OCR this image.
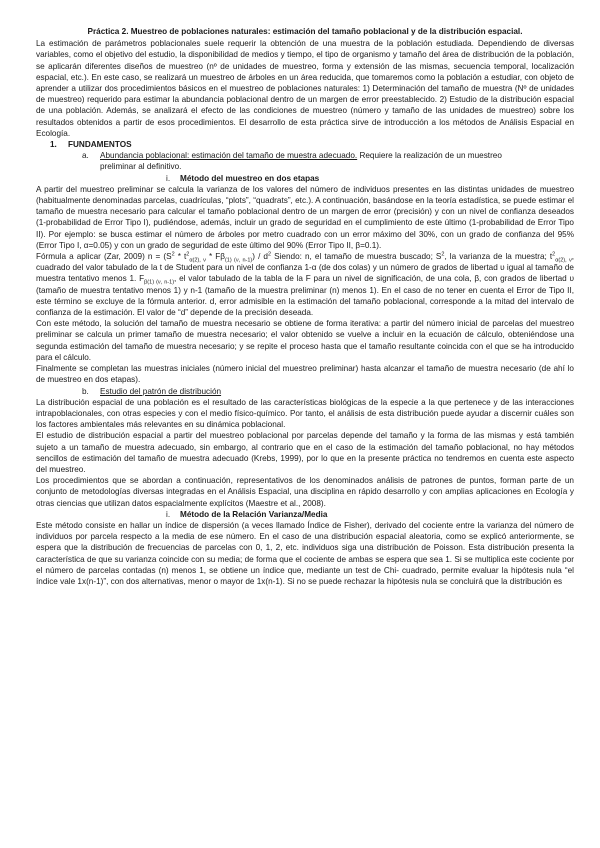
Práctica 2. Muestreo de poblaciones naturales: estimación del tamaño poblacional y de la distribución espacial.

La estimación de parámetros poblacionales suele requerir la obtención de una muestra de la población estudiada. Dependiendo de diversas variables, como el objetivo del estudio, la disponibilidad de medios y tiempo, el tipo de organismo y tamaño del área de distribución de la población, se aplicarán diferentes diseños de muestreo (nº de unidades de muestreo, forma y extensión de las mismas, secuencia temporal, localización espacial, etc.). En este caso, se realizará un muestreo de árboles en un área reducida, que tomaremos como la población a estudiar, con objeto de aprender a utilizar dos procedimientos básicos en el muestreo de poblaciones naturales: 1) Determinación del tamaño de muestra (Nº de unidades de muestreo) requerido para estimar la abundancia poblacional dentro de un margen de error preestablecido. 2) Estudio de la distribución espacial de una población. Además, se analizará el efecto de las condiciones de muestreo (número y tamaño de las unidades de muestreo) sobre los resultados obtenidos a partir de esos procedimientos. El desarrollo de esta práctica sirve de introducción a los métodos de Análisis Espacial en Ecología.

1. FUNDAMENTOS

a. Abundancia poblacional: estimación del tamaño de muestra adecuado. Requiere la realización de un muestreo

preliminar al definitivo.

i. Método del muestreo en dos etapas

A partir del muestreo preliminar se calcula la varianza de los valores del número de individuos presentes en las distintas unidades de muestreo (habitualmente denominadas parcelas, cuadrículas, “plots”, “quadrats”, etc.). A continuación, basándose en la teoría estadística, se puede estimar el tamaño de muestra necesario para calcular el tamaño poblacional dentro de un margen de error (precisión) y con un nivel de confianza deseados (1-probabilidad de Error Tipo I), pudiéndose, además, incluir un grado de seguridad en el cumplimiento de este último (1-probabilidad de Error Tipo II). Por ejemplo: se busca estimar el número de árboles por metro cuadrado con un error máximo del 30%, con un grado de confianza del 95% (Error Tipo I, α=0.05) y con un grado de seguridad de este último del 90% (Error Tipo II, β=0.1).

Fórmula a aplicar (Zar, 2009) $n = (S^2 * t^2_{\alpha(2), \nu} * F\beta_{(1) (\nu, n-1)}) / d^2$ Siendo: n, el tamaño de muestra buscado; $S^2$, la varianza de la muestra; $t^2_{\alpha(2), \nu}$, cuadrado del valor tabulado de la t de Student para un nivel de confianza 1-α (de dos colas) y un número de grados de libertad υ igual al tamaño de muestra tentativo menos 1. $F_{\beta(1) (\nu, n-1)}$, el valor tabulado de la tabla de la F para un nivel de significación, de una cola, β, con grados de libertad υ (tamaño de muestra tentativo menos 1) y n-1 (tamaño de la muestra preliminar (n) menos 1). En el caso de no tener en cuenta el Error de Tipo II, este término se excluye de la fórmula anterior. d, error admisible en la estimación del tamaño poblacional, corresponde a la mitad del intervalo de confianza de la estimación. El valor de “d” depende de la precisión deseada.

Con este método, la solución del tamaño de muestra necesario se obtiene de forma iterativa: a partir del número inicial de parcelas del muestreo preliminar se calcula un primer tamaño de muestra necesario; el valor obtenido se vuelve a incluir en la ecuación de cálculo, obteniéndose una segunda estimación del tamaño de muestra necesario; y se repite el proceso hasta que el tamaño resultante coincida con el que se ha introducido para el cálculo.

Finalmente se completan las muestras iniciales (número inicial del muestreo preliminar) hasta alcanzar el tamaño de muestra necesario (de ahí lo de muestreo en dos etapas).

b. Estudio del patrón de distribución

La distribución espacial de una población es el resultado de las características biológicas de la especie a la que pertenece y de las interacciones intrapoblacionales, con otras especies y con el medio físico-químico. Por tanto, el análisis de esta distribución puede ayudar a discernir cuáles son los factores ambientales más relevantes en su dinámica poblacional.

El estudio de distribución espacial a partir del muestreo poblacional por parcelas depende del tamaño y la forma de las mismas y está también sujeto a un tamaño de muestra adecuado, sin embargo, al contrario que en el caso de la estimación del tamaño poblacional, no hay métodos sencillos de estimación del tamaño de muestra adecuado (Krebs, 1999), por lo que en la presente práctica no tendremos en cuenta este aspecto del muestreo.

Los procedimientos que se abordan a continuación, representativos de los denominados análisis de patrones de puntos, forman parte de un conjunto de metodologías diversas integradas en el Análisis Espacial, una disciplina en rápido desarrollo y con amplias aplicaciones en Ecología y otras ciencias que utilizan datos espacialmente explícitos (Maestre et al., 2008).

i. Método de la Relación Varianza/Media

Este método consiste en hallar un índice de dispersión (a veces llamado Índice de Fisher), derivado del cociente entre la varianza del número de individuos por parcela respecto a la media de ese número. En el caso de una distribución espacial aleatoria, como se explicó anteriormente, se espera que la distribución de frecuencias de parcelas con 0, 1, 2, etc. individuos siga una distribución de Poisson. Esta distribución presenta la característica de que su varianza coincide con su media; de forma que el cociente de ambas se espera que sea 1. Si se multiplica este cociente por el número de parcelas contadas (n) menos 1, se obtiene un índice que, mediante un test de Chi- cuadrado, permite evaluar la hipótesis nula “el índice vale 1x(n-1)”, con dos alternativas, menor o mayor de 1x(n-1). Si no se puede rechazar la hipótesis nula se concluirá que la distribución es
